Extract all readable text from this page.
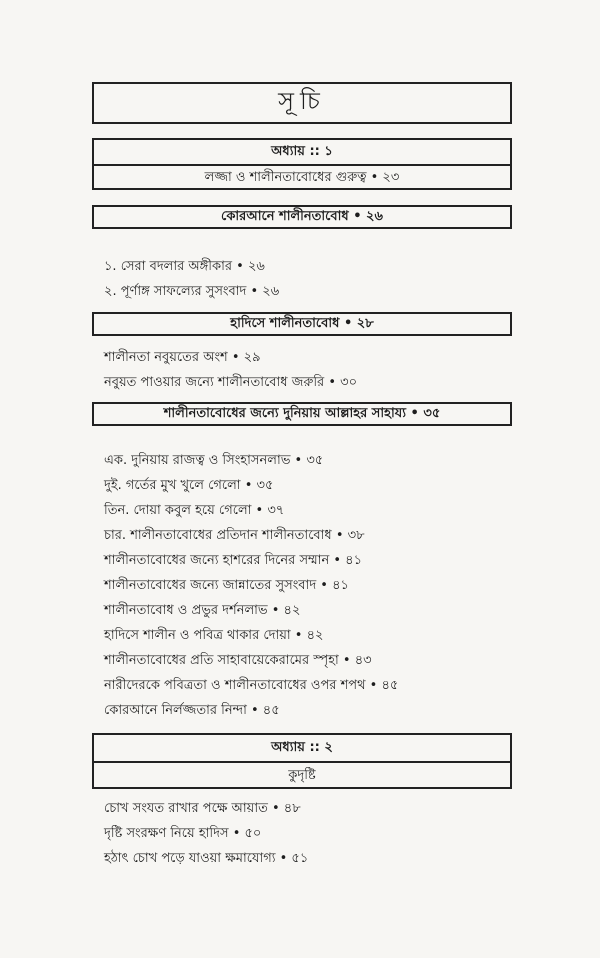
সূচি
অধ্যায় :: ১
লজ্জা ও শালীনতাবোধের গুরুত্ব • ২৩
কোরআনে শালীনতাবোধ • ২৬
১. সেরা বদলার অঙ্গীকার • ২৬
২. পূর্ণাঙ্গ সাফল্যের সুসংবাদ • ২৬
হাদিসে শালীনতাবোধ • ২৮
শালীনতা নবুয়তের অংশ • ২৯
নবুয়ত পাওয়ার জন্যে শালীনতাবোধ জরুরি • ৩০
শালীনতাবোধের জন্যে দুনিয়ায় আল্লাহর সাহায্য • ৩৫
এক. দুনিয়ায় রাজত্ব ও সিংহাসনলাভ • ৩৫
দুই. গর্তের মুখ খুলে গেলো • ৩৫
তিন. দোয়া কবুল হয়ে গেলো • ৩৭
চার. শালীনতাবোধের প্রতিদান শালীনতাবোধ • ৩৮
শালীনতাবোধের জন্যে হাশরের দিনের সম্মান • ৪১
শালীনতাবোধের জন্যে জান্নাতের সুসংবাদ • ৪১
শালীনতাবোধ ও প্রভুর দর্শনলাভ • ৪২
হাদিসে শালীন ও পবিত্র থাকার দোয়া • ৪২
শালীনতাবোধের প্রতি সাহাবায়েকেরামের স্পৃহা • ৪৩
নারীদেরকে পবিত্রতা ও শালীনতাবোধের ওপর শপথ • ৪৫
কোরআনে নির্লজ্জতার নিন্দা • ৪৫
অধ্যায় :: ২
কুদৃষ্টি
চোখ সংযত রাখার পক্ষে আয়াত • ৪৮
দৃষ্টি সংরক্ষণ নিয়ে হাদিস • ৫০
হঠাৎ চোখ পড়ে যাওয়া ক্ষমাযোগ্য • ৫১
